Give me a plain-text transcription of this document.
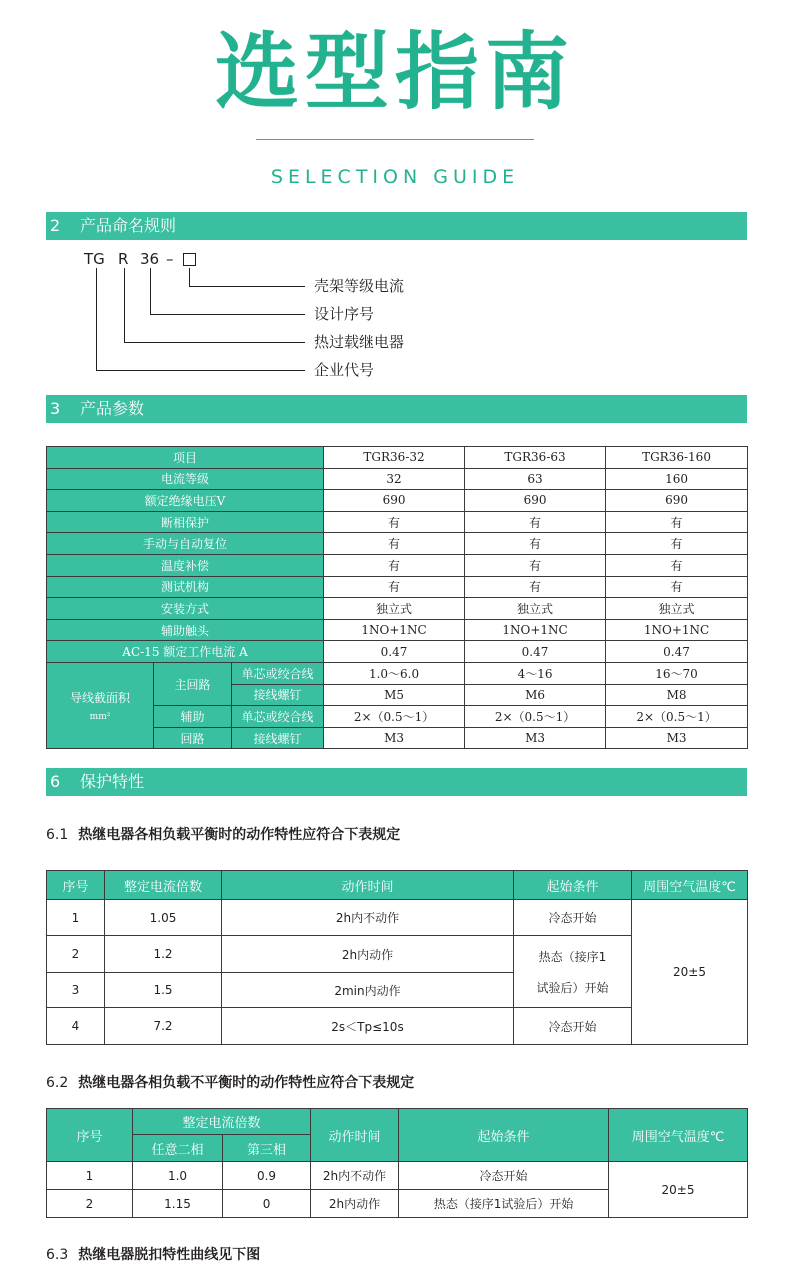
选型指南
SELECTION GUIDE
2 产品命名规则
TG R 36 –
壳架等级电流
设计序号
热过载继电器
企业代号
3 产品参数
项目			TGR36-32	TGR36-63	TGR36-160
电流等级			32	63	160
额定绝缘电压V			690	690	690
断相保护			有	有	有
手动与自动复位			有	有	有
温度补偿			有	有	有
测试机构			有	有	有
安装方式			独立式	独立式	独立式
辅助触头			1NO+1NC	1NO+1NC	1NO+1NC
AC-15 额定工作电流 A			0.47	0.47	0.47
导线截面积
mm²	主回路	单芯或绞合线	1.0～6.0	4～16	16～70
		接线螺钉	M5	M6	M8
	辅助	单芯或绞合线	2×（0.5～1）	2×（0.5～1）	2×（0.5～1）
	回路	接线螺钉	M3	M3	M3
6 保护特性
6.1 热继电器各相负载平衡时的动作特性应符合下表规定
序号	整定电流倍数	动作时间	起始条件	周围空气温度℃
1	1.05	2h内不动作	冷态开始	20±5
2	1.2	2h内动作	热态（接序1
试验后）开始	

3	1.5	2min内动作		
4	7.2	2s＜Tp≤10s	冷态开始	
6.2 热继电器各相负载不平衡时的动作特性应符合下表规定
序号	整定电流倍数		动作时间	起始条件	周围空气温度℃
	任意二相	第三相			
1	1.0	0.9	2h内不动作	冷态开始	20±5
2	1.15	0	2h内动作	热态（接序1试验后）开始	
6.3 热继电器脱扣特性曲线见下图
